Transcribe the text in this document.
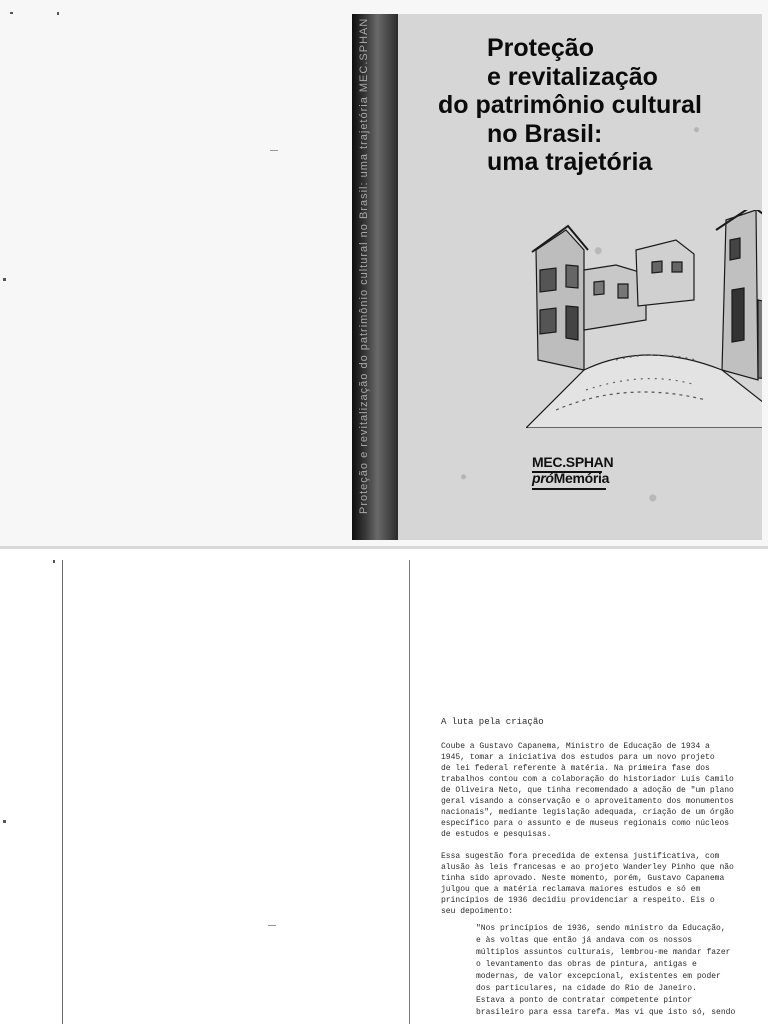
Proteção e revitalização do patrimônio cultural no Brasil: uma trajetória MEC.SPHAN	Proteção
e revitalização
do patrimônio cultural
no Brasil:
uma trajetória
MEC.SPHAN
próMemória
A luta pela criação
Coube a Gustavo Capanema, Ministro de Educação de 1934 a
1945, tomar a iniciativa dos estudos para um novo projeto
de lei federal referente à matéria. Na primeira fase dos
trabalhos contou com a colaboração do historiador Luís Camilo
de Oliveira Neto, que tinha recomendado a adoção de "um plano
geral visando a conservação e o aproveitamento dos monumentos
nacionais", mediante legislação adequada, criação de um órgão
específico para o assunto e de museus regionais como núcleos
de estudos e pesquisas.
Essa sugestão fora precedida de extensa justificativa, com
alusão às leis francesas e ao projeto Wanderley Pinho que não
tinha sido aprovado. Neste momento, porém, Gustavo Capanema
julgou que a matéria reclamava maiores estudos e só em
princípios de 1936 decidiu providenciar a respeito. Eis o
seu depoimento:
"Nos princípios de 1936, sendo ministro da Educação,
e às voltas que então já andava com os nossos
múltiplos assuntos culturais, lembrou-me mandar fazer
o levantamento das obras de pintura, antigas e
modernas, de valor excepcional, existentes em poder
dos particulares, na cidade do Rio de Janeiro.
Estava a ponto de contratar competente pintor
brasileiro para essa tarefa. Mas vi que isto só, sendo
